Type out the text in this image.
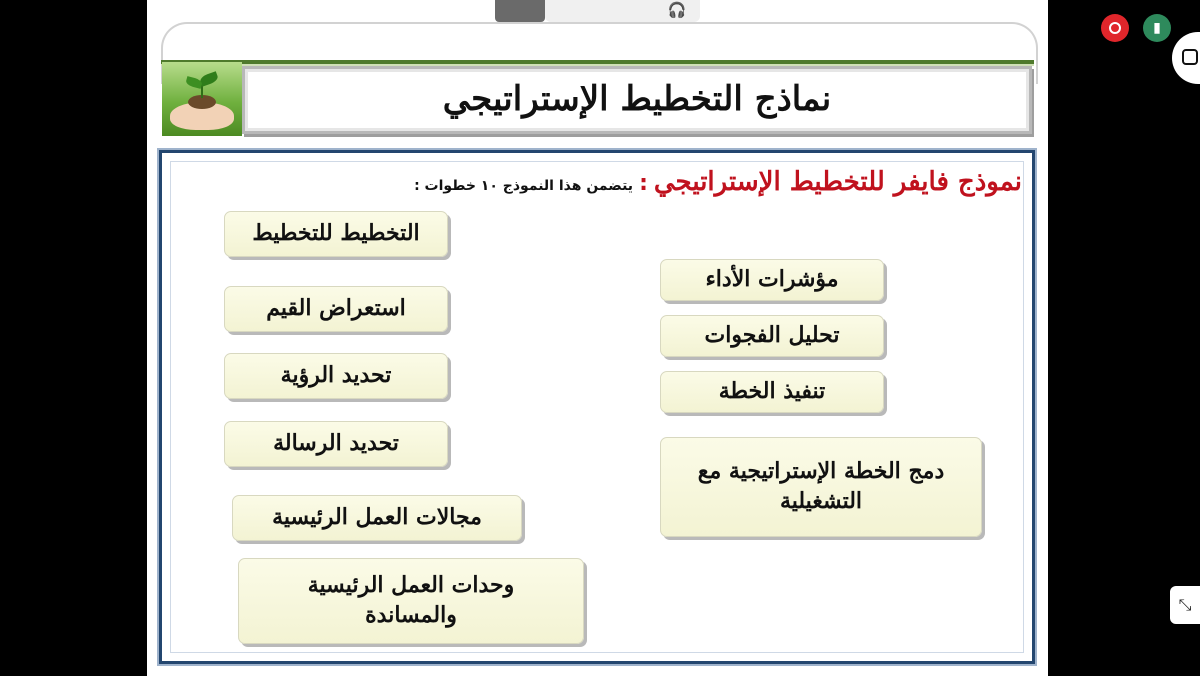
🎧
نماذج التخطيط الإستراتيجي
نموذج فايفر للتخطيط الإستراتيجي:يتضمن هذا النموذج ١٠ خطوات :
التخطيط للتخطيط
استعراض القيم
تحديد الرؤية
تحديد الرسالة
مجالات العمل الرئيسية
وحدات العمل الرئيسية والمساندة
مؤشرات الأداء
تحليل الفجوات
تنفيذ الخطة
دمج الخطة الإستراتيجية مع التشغيلية
▮
⤡
